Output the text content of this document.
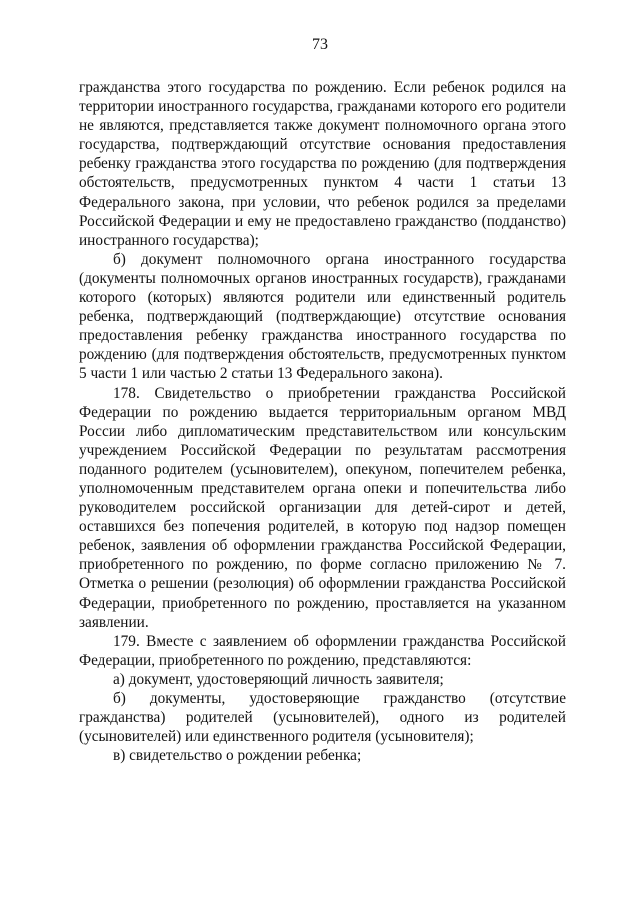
73

гражданства этого государства по рождению. Если ребенок родился на территории иностранного государства, гражданами которого его родители не являются, представляется также документ полномочного органа этого государства, подтверждающий отсутствие основания предоставления ребенку гражданства этого государства по рождению (для подтверждения обстоятельств, предусмотренных пунктом 4 части 1 статьи 13 Федерального закона, при условии, что ребенок родился за пределами Российской Федерации и ему не предоставлено гражданство (подданство) иностранного государства);

б) документ полномочного органа иностранного государства (документы полномочных органов иностранных государств), гражданами которого (которых) являются родители или единственный родитель ребенка, подтверждающий (подтверждающие) отсутствие основания предоставления ребенку гражданства иностранного государства по рождению (для подтверждения обстоятельств, предусмотренных пунктом 5 части 1 или частью 2 статьи 13 Федерального закона).

178. Свидетельство о приобретении гражданства Российской Федерации по рождению выдается территориальным органом МВД России либо дипломатическим представительством или консульским учреждением Российской Федерации по результатам рассмотрения поданного родителем (усыновителем), опекуном, попечителем ребенка, уполномоченным представителем органа опеки и попечительства либо руководителем российской организации для детей-сирот и детей, оставшихся без попечения родителей, в которую под надзор помещен ребенок, заявления об оформлении гражданства Российской Федерации, приобретенного по рождению, по форме согласно приложению № 7. Отметка о решении (резолюция) об оформлении гражданства Российской Федерации, приобретенного по рождению, проставляется на указанном заявлении.

179. Вместе с заявлением об оформлении гражданства Российской Федерации, приобретенного по рождению, представляются:

а) документ, удостоверяющий личность заявителя;

б) документы, удостоверяющие гражданство (отсутствие гражданства) родителей (усыновителей), одного из родителей (усыновителей) или единственного родителя (усыновителя);

в) свидетельство о рождении ребенка;
